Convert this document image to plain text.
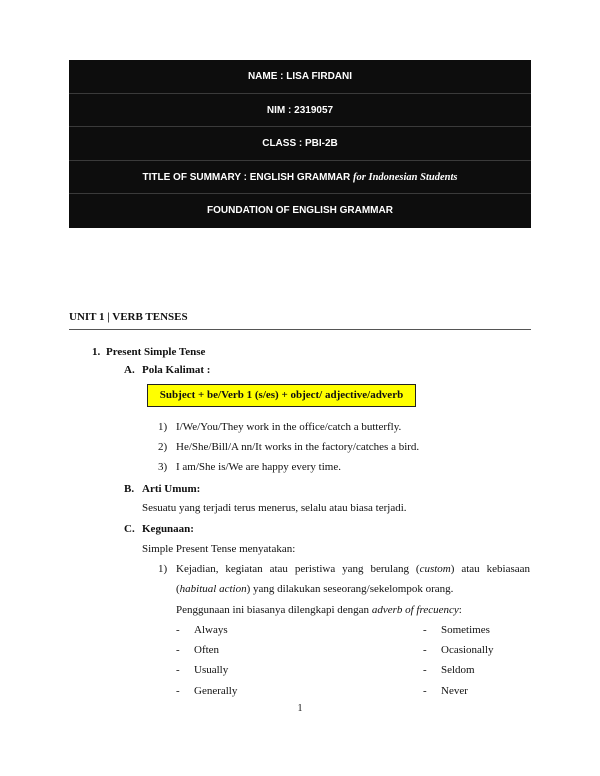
NAME : LISA FIRDANI
NIM : 2319057
CLASS : PBI-2B
TITLE OF SUMMARY : ENGLISH GRAMMAR for Indonesian Students
FOUNDATION OF ENGLISH GRAMMAR
UNIT 1 | VERB TENSES
1. Present Simple Tense
A. Pola Kalimat :
Subject + be/Verb 1 (s/es) + object/ adjective/adverb
1) I/We/You/They work in the office/catch a butterfly.
2) He/She/Bill/A nn/It works in the factory/catches a bird.
3) I am/She is/We are happy every time.
B. Arti Umum:
Sesuatu yang terjadi terus menerus, selalu atau biasa terjadi.
C. Kegunaan:
Simple Present Tense menyatakan:
1) Kejadian, kegiatan atau peristiwa yang berulang (custom) atau kebiasaan
(habitual action) yang dilakukan seseorang/sekelompok orang.
Penggunaan ini biasanya dilengkapi dengan adverb of frecuency:
- Always
- Often
- Usually
- Generally
- Sometimes
- Ocasionally
- Seldom
- Never
1
